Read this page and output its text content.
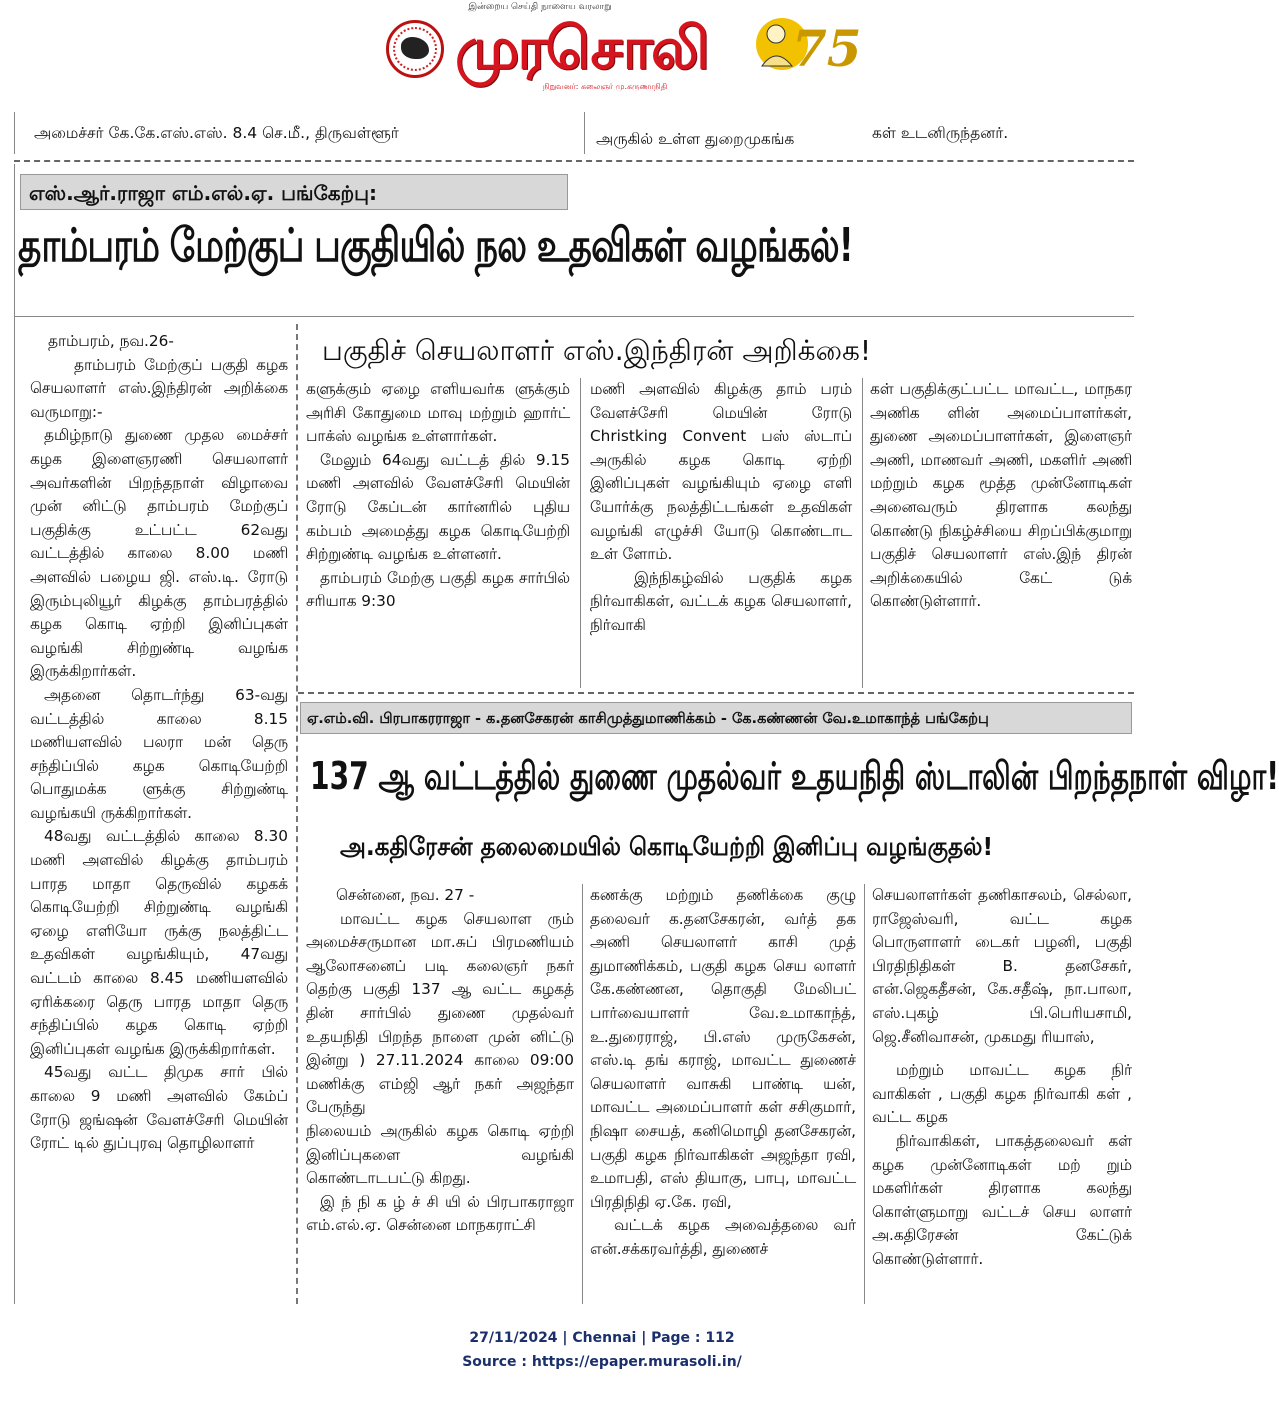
இன்றைய செய்தி நாளைய வரலாறு
முரசொலி
நிறுவனர்: கலைஞர் மு.கருணாநிதி
75
அமைச்சர் கே.கே.எஸ்.எஸ். 8.4 செ.மீ., திருவள்ளூர்	அருகில் உள்ள துறைமுகங்க	கள் உடனிருந்தனர்.
எஸ்.ஆர்.ராஜா எம்.எல்.ஏ. பங்கேற்பு:
தாம்பரம் மேற்குப் பகுதியில் நல உதவிகள் வழங்கல்!

தாம்பரம், நவ.26-

தாம்பரம் மேற்குப் பகுதி கழக செயலாளர் எஸ்.இந்திரன் அறிக்கை வருமாறு:-

தமிழ்நாடு துணை முதல மைச்சர் கழக இளைஞரணி செயலாளர் அவர்களின் பிறந்தநாள் விழாவை முன் னிட்டு தாம்பரம் மேற்குப் பகுதிக்கு உட்பட்ட 62வது வட்டத்தில் காலை 8.00 மணி அளவில் பழைய ஜி. எஸ்.டி. ரோடு இரும்புலியூர் கிழக்கு தாம்பரத்தில் கழக கொடி ஏற்றி இனிப்புகள் வழங்கி சிற்றுண்டி வழங்க இருக்கிறார்கள்.

அதனை தொடர்ந்து 63-வது வட்டத்தில் காலை 8.15 மணியளவில் பலரா மன் தெரு சந்திப்பில் கழக கொடியேற்றி பொதுமக்க ளுக்கு சிற்றுண்டி வழங்கயி ருக்கிறார்கள்.

48வது வட்டத்தில் காலை 8.30 மணி அளவில் கிழக்கு தாம்பரம் பாரத மாதா தெருவில் கழகக் கொடியேற்றி சிற்றுண்டி வழங்கி ஏழை எளியோ ருக்கு நலத்திட்ட உதவிகள் வழங்கியும், 47வது வட்டம் காலை 8.45 மணியளவில் ஏரிக்கரை தெரு பாரத மாதா தெரு சந்திப்பில் கழக கொடி ஏற்றி இனிப்புகள் வழங்க இருக்கிறார்கள்.

45வது வட்ட திமுக சார் பில் காலை 9 மணி அளவில் கேம்ப் ரோடு ஜங்ஷன் வேளச்சேரி மெயின் ரோட் டில் துப்புரவு தொழிலாளர்

பகுதிச் செயலாளர் எஸ்.இந்திரன் அறிக்கை!

களுக்கும் ஏழை எளியவர்க ளுக்கும் அரிசி கோதுமை மாவு மற்றும் ஹார்ட் பாக்ஸ் வழங்க உள்ளார்கள்.

மேலும் 64வது வட்டத் தில் 9.15 மணி அளவில் வேளச்சேரி மெயின் ரோடு கேப்டன் கார்னரில் புதிய கம்பம் அமைத்து கழக கொடியேற்றி சிற்றுண்டி வழங்க உள்ளனர்.

தாம்பரம் மேற்கு பகுதி கழக சார்பில் சரியாக 9:30

மணி அளவில் கிழக்கு தாம் பரம் வேளச்சேரி மெயின் ரோடு Christking Convent பஸ் ஸ்டாப் அருகில் கழக கொடி ஏற்றி இனிப்புகள் வழங்கியும் ஏழை எளி யோர்க்கு நலத்திட்டங்கள் உதவிகள் வழங்கி எழுச்சி யோடு கொண்டாட உள் ளோம்.

இந்நிகழ்வில் பகுதிக் கழக நிர்வாகிகள், வட்டக் கழக செயலாளர், நிர்வாகி

கள் பகுதிக்குட்பட்ட மாவட்ட, மாநகர அணிக ளின் அமைப்பாளர்கள், துணை அமைப்பாளர்கள், இளைஞர் அணி, மாணவர் அணி, மகளிர் அணி மற்றும் கழக மூத்த முன்னோடிகள் அனைவரும் திரளாக கலந்து கொண்டு நிகழ்ச்சியை சிறப்பிக்குமாறு பகுதிச் செயலாளர் எஸ்.இந் திரன் அறிக்கையில் கேட் டுக் கொண்டுள்ளார்.

ஏ.எம்.வி. பிரபாகரராஜா - க.தனசேகரன் காசிமுத்துமாணிக்கம் - கே.கண்ணன் வே.உமாகாந்த் பங்கேற்பு
137 ஆ வட்டத்தில் துணை முதல்வர் உதயநிதி ஸ்டாலின் பிறந்தநாள் விழா!
அ.கதிரேசன் தலைமையில் கொடியேற்றி இனிப்பு வழங்குதல்!

சென்னை, நவ. 27 -

மாவட்ட கழக செயலாள ரும் அமைச்சருமான மா.சுப் பிரமணியம் ஆலோசனைப் படி கலைஞர் நகர் தெற்கு பகுதி 137 ஆ வட்ட கழகத் தின் சார்பில் துணை முதல்வர் உதயநிதி பிறந்த நாளை முன் னிட்டு இன்று ) 27.11.2024 காலை 09:00 மணிக்கு எம்ஜி ஆர் நகர் அஜந்தா பேருந்து

நிலையம் அருகில் கழக கொடி ஏற்றி இனிப்புகளை வழங்கி கொண்டாடபட்டு கிறது.

இ ந் நி க ழ் ச் சி யி ல் பிரபாகராஜா எம்.எல்.ஏ. சென்னை மாநகராட்சி

கணக்கு மற்றும் தணிக்கை குழு தலைவர் க.தனசேகரன், வர்த் தக அணி செயலாளர் காசி முத் துமாணிக்கம், பகுதி கழக செய லாளர் கே.கண்ணன, தொகுதி மேலிபட் பார்வையாளர் வே.உமாகாந்த், உ.துரைராஜ், பி.எஸ் முருகேசன், எஸ்.டி தங் கராஜ், மாவட்ட துணைச் செயலாளர் வாசுகி பாண்டி யன், மாவட்ட அமைப்பாளர் கள் சசிகுமார், நிஷா சையத், கனிமொழி தனசேகரன், பகுதி கழக நிர்வாகிகள் அஜந்தா ரவி, உமாபதி, எஸ் தியாகு, பாபு, மாவட்ட பிரதிநிதி ஏ.கே. ரவி,

வட்டக் கழக அவைத்தலை வர் என்.சக்கரவர்த்தி, துணைச்

செயலாளர்கள் தணிகாசலம், செல்லா, ராஜேஸ்வரி, வட்ட கழக பொருளாளர் டைகர் பழனி, பகுதி பிரதிநிதிகள் B. தனசேகர், என்.ஜெகதீசன், கே.சதீஷ், நா.பாலா, எஸ்.புகழ் பி.பெரியசாமி, ஜெ.சீனிவாசன், முகமது ரியாஸ்,

மற்றும் மாவட்ட கழக நிர் வாகிகள் , பகுதி கழக நிர்வாகி கள் , வட்ட கழக

நிர்வாகிகள், பாகத்தலைவர் கள் கழக முன்னோடிகள் மற் றும் மகளிர்கள் திரளாக கலந்து கொள்ளுமாறு வட்டச் செய லாளர் அ.கதிரேசன் கேட்டுக் கொண்டுள்ளார்.

27/11/2024 | Chennai | Page : 112
Source : https://epaper.murasoli.in/
